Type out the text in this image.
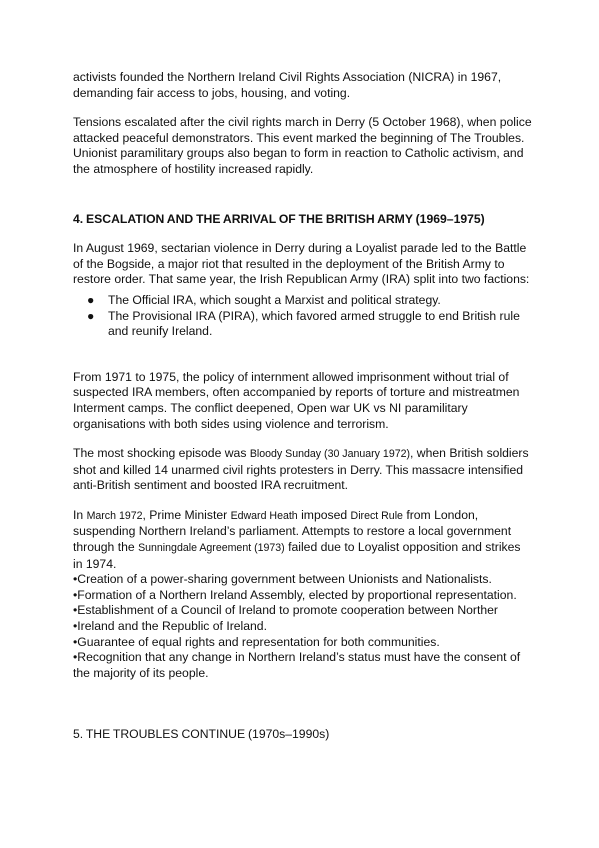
activists founded the Northern Ireland Civil Rights Association (NICRA) in 1967, demanding fair access to jobs, housing, and voting.

Tensions escalated after the civil rights march in Derry (5 October 1968), when police attacked peaceful demonstrators. This event marked the beginning of The Troubles. Unionist paramilitary groups also began to form in reaction to Catholic activism, and the atmosphere of hostility increased rapidly.

4. ESCALATION AND THE ARRIVAL OF THE BRITISH ARMY (1969–1975)

In August 1969, sectarian violence in Derry during a Loyalist parade led to the Battle of the Bogside, a major riot that resulted in the deployment of the British Army to restore order. That same year, the Irish Republican Army (IRA) split into two factions:

● The Official IRA, which sought a Marxist and political strategy.
● The Provisional IRA (PIRA), which favored armed struggle to end British rule and reunify Ireland.

From 1971 to 1975, the policy of internment allowed imprisonment without trial of suspected IRA members, often accompanied by reports of torture and mistreatmen Interment camps. The conflict deepened, Open war UK vs NI paramilitary organisations with both sides using violence and terrorism.

The most shocking episode was Bloody Sunday (30 January 1972), when British soldiers shot and killed 14 unarmed civil rights protesters in Derry. This massacre intensified anti-British sentiment and boosted IRA recruitment.

In March 1972, Prime Minister Edward Heath imposed Direct Rule from London, suspending Northern Ireland’s parliament. Attempts to restore a local government through the Sunningdale Agreement (1973) failed due to Loyalist opposition and strikes in 1974.

•Creation of a power-sharing government between Unionists and Nationalists.
•Formation of a Northern Ireland Assembly, elected by proportional representation.
•Establishment of a Council of Ireland to promote cooperation between Norther
•Ireland and the Republic of Ireland.
•Guarantee of equal rights and representation for both communities.
•Recognition that any change in Northern Ireland’s status must have the consent of the majority of its people.

5. THE TROUBLES CONTINUE (1970s–1990s)
